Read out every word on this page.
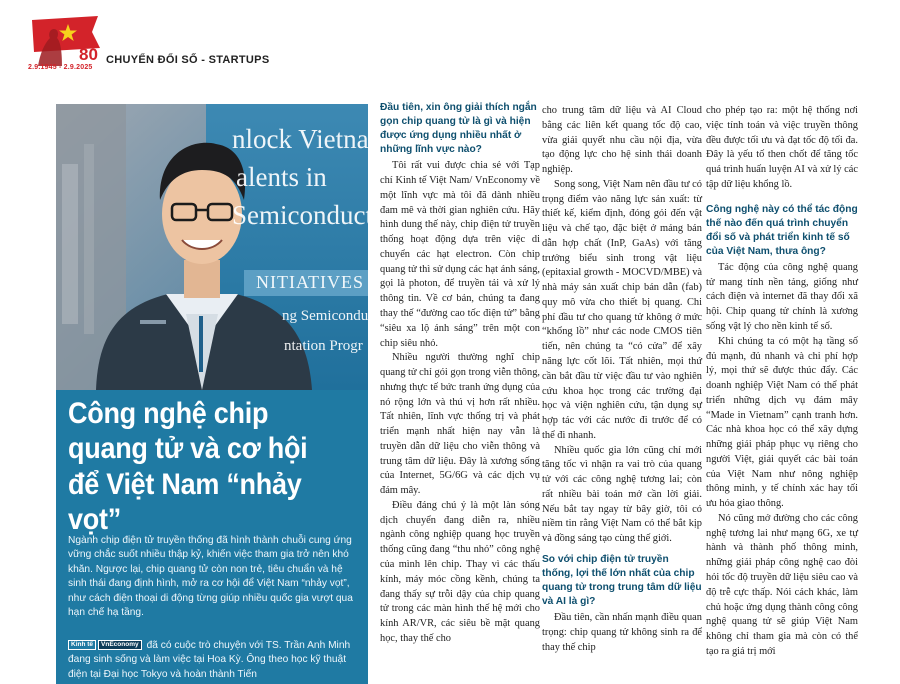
80
2.9.1945 - 2.9.2025
CHUYỂN ĐỔI SỐ - STARTUPS
nlock Vietna
alents in
Semiconducto
NITIATIVES
ng Semicondu
ntation Progr
Công nghệ chip quang tử và cơ hội để Việt Nam “nhảy vọt”

Ngành chip điện tử truyền thống đã hình thành chuỗi cung ứng vững chắc suốt nhiều thập kỷ, khiến việc tham gia trở nên khó khăn. Ngược lại, chip quang tử còn non trẻ, tiêu chuẩn và hệ sinh thái đang định hình, mở ra cơ hội để Việt Nam “nhảy vọt”, như cách điện thoại di động từng giúp nhiều quốc gia vượt qua hạn chế hạ tầng.

Kinh tế VnEconomy đã có cuộc trò chuyện với TS. Trần Anh Minh đang sinh sống và làm việc tại Hoa Kỳ. Ông theo học kỹ thuật điện tại Đại học Tokyo và hoàn thành Tiến

Đầu tiên, xin ông giải thích ngắn gọn chip quang tử là gì và hiện được ứng dụng nhiều nhất ở những lĩnh vực nào?

Tôi rất vui được chia sẻ với Tạp chí Kinh tế Việt Nam/ VnEconomy về một lĩnh vực mà tôi đã dành nhiều đam mê và thời gian nghiên cứu. Hãy hình dung thế này, chip điện tử truyền thống hoạt động dựa trên việc di chuyển các hạt electron. Còn chip quang tử thì sử dụng các hạt ánh sáng, gọi là photon, để truyền tải và xử lý thông tin. Về cơ bản, chúng ta đang thay thế “đường cao tốc điện tử” bằng “siêu xa lộ ánh sáng” trên một con chip siêu nhỏ.

Nhiều người thường nghĩ chip quang tử chỉ gói gọn trong viễn thông, nhưng thực tế bức tranh ứng dụng của nó rộng lớn và thú vị hơn rất nhiều. Tất nhiên, lĩnh vực thống trị và phát triển mạnh nhất hiện nay vẫn là truyền dẫn dữ liệu cho viễn thông và trung tâm dữ liệu. Đây là xương sống của Internet, 5G/6G và các dịch vụ đám mây.

Điều đáng chú ý là một làn sóng dịch chuyển đang diễn ra, nhiều ngành công nghiệp quang học truyền thống cũng đang “thu nhỏ” công nghệ của mình lên chip. Thay vì các thấu kính, máy móc cồng kềnh, chúng ta đang thấy sự trỗi dậy của chip quang tử trong các màn hình thế hệ mới cho kính AR/VR, các siêu bề mặt quang học, thay thế cho

cho trung tâm dữ liệu và AI Cloud bằng các liên kết quang tốc độ cao, vừa giải quyết nhu cầu nội địa, vừa tạo động lực cho hệ sinh thái doanh nghiệp.

Song song, Việt Nam nên đầu tư có trọng điểm vào năng lực sản xuất: từ thiết kế, kiểm định, đóng gói đến vật liệu và chế tạo, đặc biệt ở mảng bán dẫn hợp chất (InP, GaAs) với tăng trưởng biểu sinh trong vật liệu (epitaxial growth - MOCVD/MBE) và nhà máy sản xuất chip bán dẫn (fab) quy mô vừa cho thiết bị quang. Chi phí đầu tư cho quang tử không ở mức “khổng lồ” như các node CMOS tiên tiến, nên chúng ta “có cửa” để xây năng lực cốt lõi. Tất nhiên, mọi thứ cần bắt đầu từ việc đầu tư vào nghiên cứu khoa học trong các trường đại học và viện nghiên cứu, tận dụng sự hợp tác với các nước đi trước để có thể đi nhanh.

Nhiều quốc gia lớn cũng chỉ mới tăng tốc vì nhận ra vai trò của quang tử với các công nghệ tương lai; còn rất nhiều bài toán mở cần lời giải. Nếu bắt tay ngay từ bây giờ, tôi có niềm tin rằng Việt Nam có thể bắt kịp và đồng sáng tạo cùng thế giới.

So với chip điện tử truyền thống, lợi thế lớn nhất của chip quang tử trong trung tâm dữ liệu và AI là gì?

Đầu tiên, cần nhấn mạnh điều quan trọng: chip quang tử không sinh ra để thay thế chip

cho phép tạo ra: một hệ thống nơi việc tính toán và việc truyền thông đều được tối ưu và đạt tốc độ tối đa. Đây là yếu tố then chốt để tăng tốc quá trình huấn luyện AI và xử lý các tập dữ liệu khổng lồ.

Công nghệ này có thể tác động thế nào đến quá trình chuyển đổi số và phát triển kinh tế số của Việt Nam, thưa ông?

Tác động của công nghệ quang tử mang tính nền tảng, giống như cách điện và internet đã thay đổi xã hội. Chip quang tử chính là xương sống vật lý cho nền kinh tế số.

Khi chúng ta có một hạ tầng số đủ mạnh, đủ nhanh và chi phí hợp lý, mọi thứ sẽ được thúc đẩy. Các doanh nghiệp Việt Nam có thể phát triển những dịch vụ đám mây “Made in Vietnam” cạnh tranh hơn. Các nhà khoa học có thể xây dựng những giải pháp phục vụ riêng cho người Việt, giải quyết các bài toán của Việt Nam như nông nghiệp thông minh, y tế chính xác hay tối ưu hóa giao thông.

Nó cũng mở đường cho các công nghệ tương lai như mạng 6G, xe tự hành và thành phố thông minh, những giải pháp công nghệ cao đòi hỏi tốc độ truyền dữ liệu siêu cao và độ trễ cực thấp. Nói cách khác, làm chủ hoặc ứng dụng thành công công nghệ quang tử sẽ giúp Việt Nam không chỉ tham gia mà còn có thể tạo ra giá trị mới
